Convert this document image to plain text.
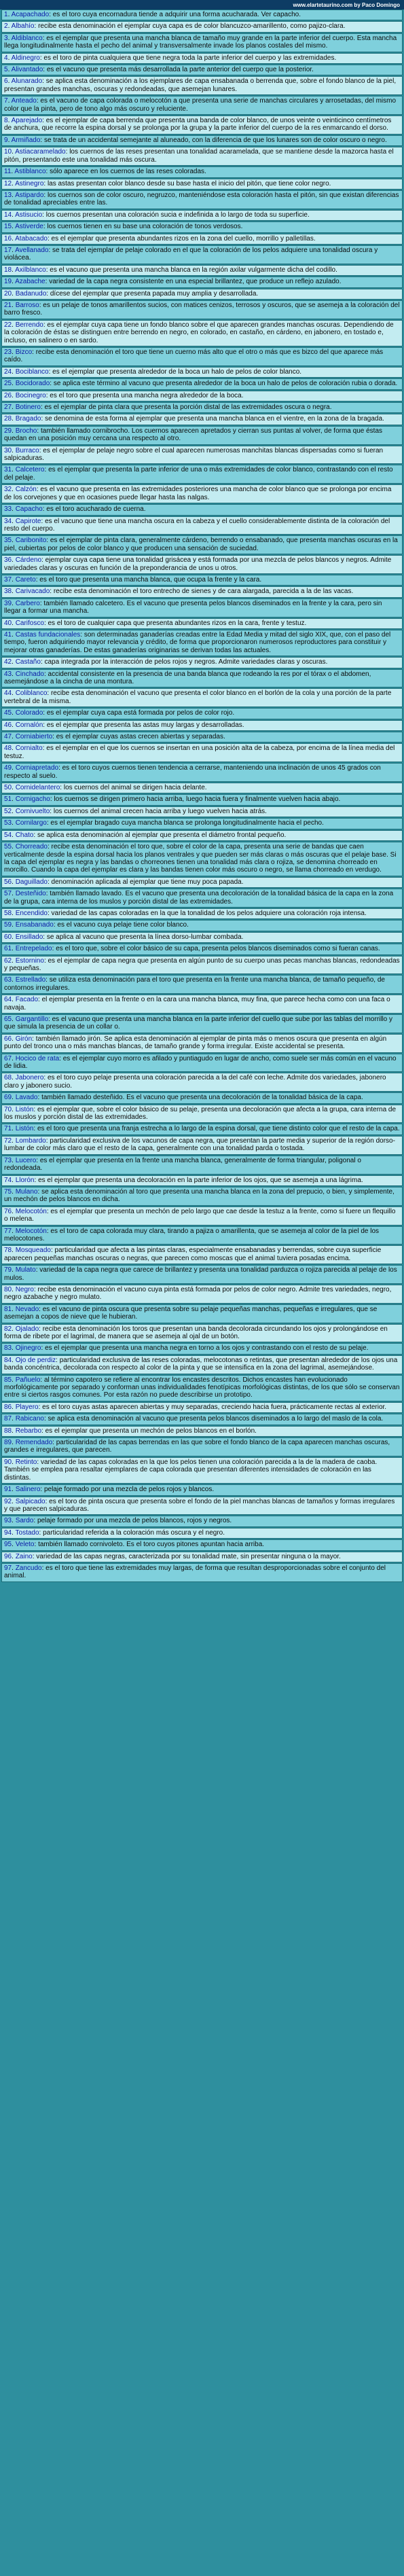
www.elartetaurino.com by Paco Domingo
1. Acapachado: es el toro cuya encornadura tiende a adquirir una forma acucharada. Ver capacho.
2. Albahío: recibe esta denominación el ejemplar cuya capa es de color blancuzco-amarillento, como pajizo-clara.
3. Aldiblanco: es el ejemplar que presenta una mancha blanca de tamaño muy grande en la parte inferior del cuerpo. Esta mancha llega longitudinalmente hasta el pecho del animal y transversalmente invade los planos costales del mismo.
4. Aldinegro: es el toro de pinta cualquiera que tiene negra toda la parte inferior del cuerpo y las extremidades.
5. Alivantado: es el vacuno que presenta más desarrollada la parte anterior del cuerpo que la posterior.
6. Alunarado: se aplica esta denominación a los ejemplares de capa ensabanada o berrenda que, sobre el fondo blanco de la piel, presentan grandes manchas, oscuras y redondeadas, que asemejan lunares.
7. Anteado: es el vacuno de capa colorada o melocotón a que presenta una serie de manchas circulares y arrosetadas, del mismo color que la pinta, pero de tono algo más oscuro y reluciente.
8. Aparejado: es el ejemplar de capa berrenda que presenta una banda de color blanco, de unos veinte o veinticinco centímetros de anchura, que recorre la espina dorsal y se prolonga por la grupa y la parte inferior del cuerpo de la res enmarcando el dorso.
9. Armiñado: se trata de un accidental semejante al aluneado, con la diferencia de que los lunares son de color oscuro o negro.
10. Astiacaramelado: los cuernos de las reses presentan una tonalidad acaramelada, que se mantiene desde la mazorca hasta el pitón, presentando este una tonalidad más oscura.
11. Astiblanco: sólo aparece en los cuernos de las reses coloradas.
12. Astinegro: las astas presentan color blanco desde su base hasta el inicio del pitón, que tiene color negro.
13. Astipardo: los cuernos son de color oscuro, negruzco, manteniéndose esta coloración hasta el pitón, sin que existan diferencias de tonalidad apreciables entre las.
14. Astisucio: los cuernos presentan una coloración sucia e indefinida a lo largo de toda su superficie.
15. Astiverde: los cuernos tienen en su base una coloración de tonos verdosos.
16. Atabacado: es el ejemplar que presenta abundantes rizos en la zona del cuello, morrillo y palletillas.
17. Avellanado: se trata del ejemplar de pelaje colorado en el que la coloración de los pelos adquiere una tonalidad oscura y violácea.
18. Axilblanco: es el vacuno que presenta una mancha blanca en la región axilar vulgarmente dicha del codillo.
19. Azabache: variedad de la capa negra consistente en una especial brillantez, que produce un reflejo azulado.
20. Badanudo: dícese del ejemplar que presenta papada muy amplia y desarrollada.
21. Barroso: es un pelaje de tonos amarillentos sucios, con matices cenizos, terrosos y oscuros, que se asemeja a la coloración del barro fresco.
22. Berrendo: es el ejemplar cuya capa tiene un fondo blanco sobre el que aparecen grandes manchas oscuras. Dependiendo de la coloración de éstas se distinguen entre berrendo en negro, en colorado, en castaño, en cárdeno, en jabonero, en tostado e, incluso, en salinero o en sardo.
23. Bizco: recibe esta denominación el toro que tiene un cuerno más alto que el otro o más que es bizco del que aparece más caído.
24. Bociblanco: es el ejemplar que presenta alrededor de la boca un halo de pelos de color blanco.
25. Bocidorado: se aplica este término al vacuno que presenta alrededor de la boca un halo de pelos de coloración rubia o dorada.
26. Bocinegro: es el toro que presenta una mancha negra alrededor de la boca.
27. Botinero: es el ejemplar de pinta clara que presenta la porción distal de las extremidades oscura o negra.
28. Bragado: se denomina de esta forma al ejemplar que presenta una mancha blanca en el vientre, en la zona de la bragada.
29. Brocho: también llamado cornibrocho. Los cuernos aparecen apretados y cierran sus puntas al volver, de forma que éstas quedan en una posición muy cercana una respecto al otro.
30. Burraco: es el ejemplar de pelaje negro sobre el cual aparecen numerosas manchitas blancas dispersadas como si fueran salpicaduras.
31. Calcetero: es el ejemplar que presenta la parte inferior de una o más extremidades de color blanco, contrastando con el resto del pelaje.
32. Calzón: es el vacuno que presenta en las extremidades posteriores una mancha de color blanco que se prolonga por encima de los corvejones y que en ocasiones puede llegar hasta las nalgas.
33. Capacho: es el toro acucharado de cuerna.
34. Capirote: es el vacuno que tiene una mancha oscura en la cabeza y el cuello considerablemente distinta de la coloración del resto del cuerpo.
35. Caribonito: es el ejemplar de pinta clara, generalmente cárdeno, berrendo o ensabanado, que presenta manchas oscuras en la piel, cubiertas por pelos de color blanco y que producen una sensación de suciedad.
36. Cárdeno: ejemplar cuya capa tiene una tonalidad grisácea y está formada por una mezcla de pelos blancos y negros. Admite variedades claras y oscuras en función de la preponderancia de unos u otros.
37. Careto: es el toro que presenta una mancha blanca, que ocupa la frente y la cara.
38. Carivacado: recibe esta denominación el toro entrecho de sienes y de cara alargada, parecida a la de las vacas.
39. Carbero: también llamado calcetero. Es el vacuno que presenta pelos blancos diseminados en la frente y la cara, pero sin llegar a formar una mancha.
40. Carifosco: es el toro de cualquier capa que presenta abundantes rizos en la cara, frente y testuz.
41. Castas fundacionales: son determinadas ganaderías creadas entre la Edad Media y mitad del siglo XIX, que, con el paso del tiempo, fueron adquiriendo mayor relevancia y crédito, de forma que proporcionaron numerosos reproductores para constituir y mejorar otras ganaderías. De estas ganaderías originarias se derivan todas las actuales.
42. Castaño: capa integrada por la interacción de pelos rojos y negros. Admite variedades claras y oscuras.
43. Cinchado: accidental consistente en la presencia de una banda blanca que rodeando la res por el tórax o el abdomen, asemejándose a la cincha de una montura.
44. Coliblanco: recibe esta denominación el vacuno que presenta el color blanco en el borlón de la cola y una porción de la parte vertebral de la misma.
45. Colorado: es el ejemplar cuya capa está formada por pelos de color rojo.
46. Cornalón: es el ejemplar que presenta las astas muy largas y desarrolladas.
47. Corniabierto: es el ejemplar cuyas astas crecen abiertas y separadas.
48. Cornialto: es el ejemplar en el que los cuernos se insertan en una posición alta de la cabeza, por encima de la línea media del testuz.
49. Corniapretado: es el toro cuyos cuernos tienen tendencia a cerrarse, manteniendo una inclinación de unos 45 grados con respecto al suelo.
50. Cornidelantero: los cuernos del animal se dirigen hacia delante.
51. Cornigacho: los cuernos se dirigen primero hacia arriba, luego hacia fuera y finalmente vuelven hacia abajo.
52. Cornivuelto: los cuernos del animal crecen hacia arriba y luego vuelven hacia atrás.
53. Cornilargo: es el ejemplar bragado cuya mancha blanca se prolonga longitudinalmente hacia el pecho.
54. Chato: se aplica esta denominación al ejemplar que presenta el diámetro frontal pequeño.
55. Chorreado: recibe esta denominación el toro que, sobre el color de la capa, presenta una serie de bandas que caen verticalmente desde la espina dorsal hacia los planos ventrales y que pueden ser más claras o más oscuras que el pelaje base. Si la capa del ejemplar es negra y las bandas o chorreones tienen una tonalidad más clara o rojiza, se denomina chorreado en morcillo. Cuando la capa del ejemplar es clara y las bandas tienen color más oscuro o negro, se llama chorreado en verdugo.
56. Daguillado: denominación aplicada al ejemplar que tiene muy poca papada.
57. Desteñido: también llamado lavado. Es el vacuno que presenta una decoloración de la tonalidad básica de la capa en la zona de la grupa, cara interna de los muslos y porción distal de las extremidades.
58. Encendido: variedad de las capas coloradas en la que la tonalidad de los pelos adquiere una coloración roja intensa.
59. Ensabanado: es el vacuno cuya pelaje tiene color blanco.
60. Ensillado: se aplica al vacuno que presenta la línea dorso-lumbar combada.
61. Entrepelado: es el toro que, sobre el color básico de su capa, presenta pelos blancos diseminados como si fueran canas.
62. Estornino: es el ejemplar de capa negra que presenta en algún punto de su cuerpo unas pecas manchas blancas, redondeadas y pequeñas.
63. Estrellado: se utiliza esta denominación para el toro que presenta en la frente una mancha blanca, de tamaño pequeño, de contornos irregulares.
64. Facado: el ejemplar presenta en la frente o en la cara una mancha blanca, muy fina, que parece hecha como con una faca o navaja.
65. Gargantillo: es el vacuno que presenta una mancha blanca en la parte inferior del cuello que sube por las tablas del morrillo y que simula la presencia de un collar o.
66. Girón: también llamado jirón. Se aplica esta denominación al ejemplar de pinta más o menos oscura que presenta en algún punto del tronco una o más manchas blancas, de tamaño grande y forma irregular. Existe accidental se presenta.
67. Hocico de rata: es el ejemplar cuyo morro es afilado y puntiagudo en lugar de ancho, como suele ser más común en el vacuno de lidia.
68. Jabonero: es el toro cuyo pelaje presenta una coloración parecida a la del café con leche. Admite dos variedades, jabonero claro y jabonero sucio.
69. Lavado: también llamado desteñido. Es el vacuno que presenta una decoloración de la tonalidad básica de la capa.
70. Listón: es el ejemplar que, sobre el color básico de su pelaje, presenta una decoloración que afecta a la grupa, cara interna de los muslos y porción distal de las extremidades.
71. Listón: es el toro que presenta una franja estrecha a lo largo de la espina dorsal, que tiene distinto color que el resto de la capa.
72. Lombardo: particularidad exclusiva de los vacunos de capa negra, que presentan la parte media y superior de la región dorso-lumbar de color más claro que el resto de la capa, generalmente con una tonalidad parda o tostada.
73. Lucero: es el ejemplar que presenta en la frente una mancha blanca, generalmente de forma triangular, poligonal o redondeada.
74. Llorón: es el ejemplar que presenta una decoloración en la parte inferior de los ojos, que se asemeja a una lágrima.
75. Mulano: se aplica esta denominación al toro que presenta una mancha blanca en la zona del prepucio, o bien, y simplemente, un mechón de pelos blancos en dicha.
76. Melocotón: es el ejemplar que presenta un mechón de pelo largo que cae desde la testuz a la frente, como si fuere un flequillo o melena.
77. Melocotón: es el toro de capa colorada muy clara, tirando a pajiza o amarillenta, que se asemeja al color de la piel de los melocotones.
78. Mosqueado: particularidad que afecta a las pintas claras, especialmente ensabanadas y berrendas, sobre cuya superficie aparecen pequeñas manchas oscuras o negras, que parecen como moscas que el animal tuviera posadas encima.
79. Mulato: variedad de la capa negra que carece de brillantez y presenta una tonalidad parduzca o rojiza parecida al pelaje de los mulos.
80. Negro: recibe esta denominación el vacuno cuya pinta está formada por pelos de color negro. Admite tres variedades, negro, negro azabache y negro mulato.
81. Nevado: es el vacuno de pinta oscura que presenta sobre su pelaje pequeñas manchas, pequeñas e irregulares, que se asemejan a copos de nieve que le hubieran.
82. Ojalado: recibe esta denominación los toros que presentan una banda decolorada circundando los ojos y prolongándose en forma de ribete por el lagrimal, de manera que se asemeja al ojal de un botón.
83. Ojinegro: es el ejemplar que presenta una mancha negra en torno a los ojos y contrastando con el resto de su pelaje.
84. Ojo de perdiz: particularidad exclusiva de las reses coloradas, melocotonas o retintas, que presentan alrededor de los ojos una banda concéntrica, decolorada con respecto al color de la pinta y que se intensifica en la zona del lagrimal, asemejándose.
85. Pañuelo: al término capotero se refiere al encontrar los encastes descritos. Dichos encastes han evolucionado morfológicamente por separado y conforman unas individualidades fenotípicas morfológicas distintas, de los que sólo se conservan entre si ciertos rasgos comunes. Por esta razón no puede describirse un prototipo.
86. Playero: es el toro cuyas astas aparecen abiertas y muy separadas, creciendo hacia fuera, prácticamente rectas al exterior.
87. Rabicano: se aplica esta denominación al vacuno que presenta pelos blancos diseminados a lo largo del maslo de la cola.
88. Rebarbo: es el ejemplar que presenta un mechón de pelos blancos en el borlón.
89. Remendado: particularidad de las capas berrendas en las que sobre el fondo blanco de la capa aparecen manchas oscuras, grandes e irregulares, que parecen.
90. Retinto: variedad de las capas coloradas en la que los pelos tienen una coloración parecida a la de la madera de caoba. También se emplea para resaltar ejemplares de capa colorada que presentan diferentes intensidades de coloración en las distintas.
91. Salinero: pelaje formado por una mezcla de pelos rojos y blancos.
92. Salpicado: es el toro de pinta oscura que presenta sobre el fondo de la piel manchas blancas de tamaños y formas irregulares y que parecen salpicaduras.
93. Sardo: pelaje formado por una mezcla de pelos blancos, rojos y negros.
94. Tostado: particularidad referida a la coloración más oscura y el negro.
95. Veleto: también llamado cornivoleto. Es el toro cuyos pitones apuntan hacia arriba.
96. Zaino: variedad de las capas negras, caracterizada por su tonalidad mate, sin presentar ninguna o la mayor.
97. Zancudo: es el toro que tiene las extremidades muy largas, de forma que resultan desproporcionadas sobre el conjunto del animal.
